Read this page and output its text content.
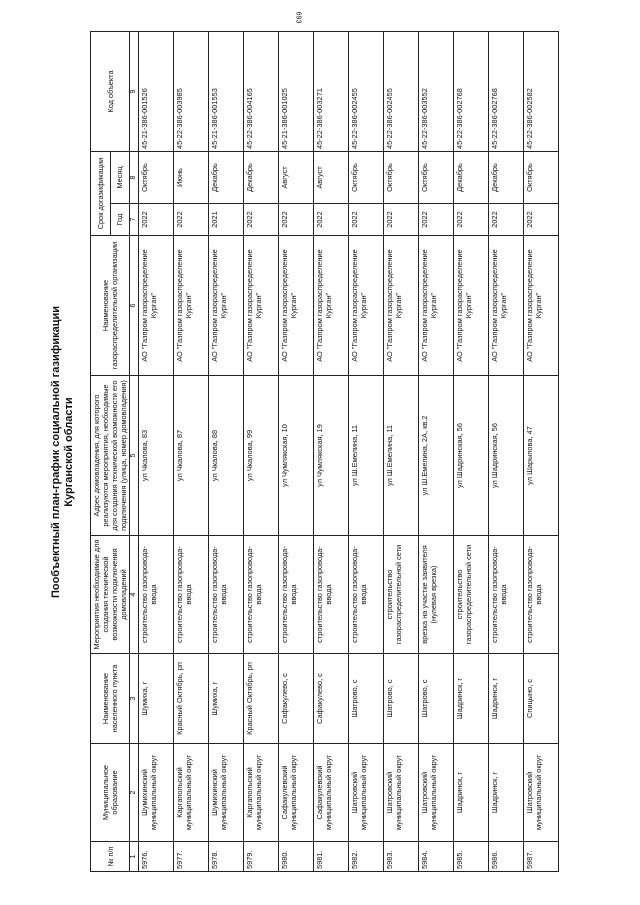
693
Пообъектный план-график социальной газификации Курганской области
№ п/п	Муниципальное образование	Наименование населенного пункта	Мероприятия необходимые для создания технической возможности подключения домовладений	Адрес домовладения, для которого реализуются мероприятия, необходимые для создания технической возможности его подключения (улица, номер домовладения)	Наименование газораспределительной организации	Срок догазификации		Код объекта
						Год	Месяц	
1	2	3	4	5	6	7	8	9
5976.	Шумихинский муниципальный округ	Шумиха, г	строительство газопровода-ввода	ул Чкалова, 83	АО "Газпром газораспределение Курган"	2022	Октябрь	45-21-386-001526
5977.	Каргапольский муниципальный округ	Красный Октябрь, рп	строительство газопровода-ввода	ул Чкалова, 87	АО "Газпром газораспределение Курган"	2022	Июнь	45-22-386-003985
5978.	Шумихинский муниципальный округ	Шумиха, г	строительство газопровода-ввода	ул Чкалова, 88	АО "Газпром газораспределение Курган"	2021	Декабрь	45-21-386-001553
5979.	Каргапольский муниципальный округ	Красный Октябрь, рп	строительство газопровода-ввода	ул Чкалова, 99	АО "Газпром газораспределение Курган"	2022	Декабрь	45-22-386-004165
5980.	Сафакулевский муниципальный округ	Сафакулево, с	строительство газопровода-ввода	ул Чумлякская, 10	АО "Газпром газораспределение Курган"	2022	Август	45-21-386-001025
5981.	Сафакулевский муниципальный округ	Сафакулево, с	строительство газопровода-ввода	ул Чумлякская, 19	АО "Газпром газораспределение Курган"	2022	Август	45-22-386-003271
5982.	Шатровский муниципальный округ	Шатрово, с	строительство газопровода-ввода	ул Ш.Емелина, 11	АО "Газпром газораспределение Курган"	2022	Октябрь	45-22-386-002455
5983.	Шатровский муниципальный округ	Шатрово, с	строительство газораспределительной сети	ул Ш.Емелина, 11	АО "Газпром газораспределение Курган"	2022	Октябрь	45-22-386-002455
5984.	Шатровский муниципальный округ	Шатрово, с	врезка на участке заявителя (нулевая врезка)	ул Ш.Емелина, 2А, кв.2	АО "Газпром газораспределение Курган"	2022	Октябрь	45-22-386-003552
5985.	Шадринск, г	Шадринск, г	строительство газораспределительной сети	ул Шадринская, 56	АО "Газпром газораспределение Курган"	2022	Декабрь	45-22-386-002768
5986.	Шадринск, г	Шадринск, г	строительство газопровода-ввода	ул Шадринская, 56	АО "Газпром газораспределение Курган"	2022	Декабрь	45-22-386-002768
5987.	Шатровский муниципальный округ	Спицыно, с	строительство газопровода-ввода	ул Шарыпова, 47	АО "Газпром газораспределение Курган"	2022	Октябрь	45-22-386-002582
